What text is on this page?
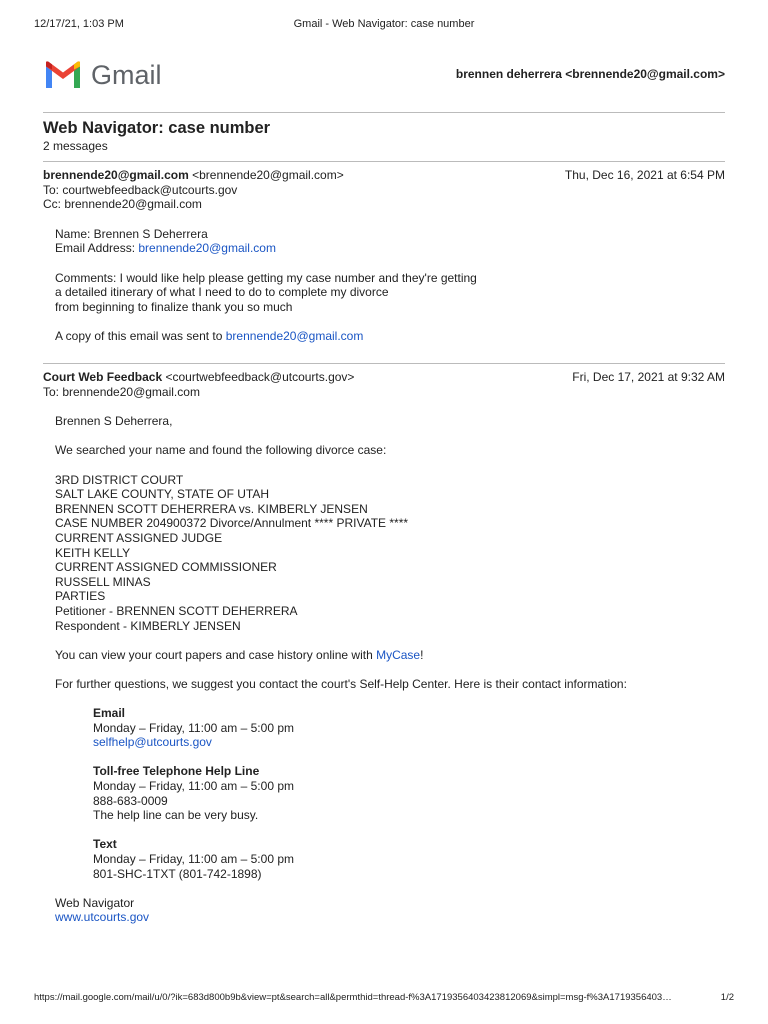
12/17/21, 1:03 PM	Gmail - Web Navigator: case number
Gmail	brennen deherrera <brennende20@gmail.com>
Web Navigator: case number
2 messages
brennende20@gmail.com <brennende20@gmail.com>	Thu, Dec 16, 2021 at 6:54 PM
To: courtwebfeedback@utcourts.gov
Cc: brennende20@gmail.com

Name: Brennen S Deherrera
Email Address: brennende20@gmail.com

Comments: I would like help please getting my case number and they're getting
a detailed itinerary of what I need to do to complete my divorce
from beginning to finalize thank you so much

A copy of this email was sent to brennende20@gmail.com

Court Web Feedback <courtwebfeedback@utcourts.gov>	Fri, Dec 17, 2021 at 9:32 AM
To: brennende20@gmail.com

Brennen S Deherrera,

We searched your name and found the following divorce case:

3RD DISTRICT COURT
SALT LAKE COUNTY, STATE OF UTAH
BRENNEN SCOTT DEHERRERA vs. KIMBERLY JENSEN
CASE NUMBER 204900372 Divorce/Annulment **** PRIVATE ****
CURRENT ASSIGNED JUDGE
KEITH KELLY
CURRENT ASSIGNED COMMISSIONER
RUSSELL MINAS
PARTIES
Petitioner - BRENNEN SCOTT DEHERRERA
Respondent - KIMBERLY JENSEN

You can view your court papers and case history online with MyCase!

For further questions, we suggest you contact the court's Self-Help Center. Here is their contact information:

Email
Monday – Friday, 11:00 am – 5:00 pm
selfhelp@utcourts.gov

Toll-free Telephone Help Line
Monday – Friday, 11:00 am – 5:00 pm
888-683-0009
The help line can be very busy.

Text
Monday – Friday, 11:00 am – 5:00 pm
801-SHC-1TXT (801-742-1898)

Web Navigator
www.utcourts.gov

https://mail.google.com/mail/u/0/?ik=683d800b9b&view=pt&search=all&permthid=thread-f%3A1719356403423812069&simpl=msg-f%3A1719356403…	1/2
